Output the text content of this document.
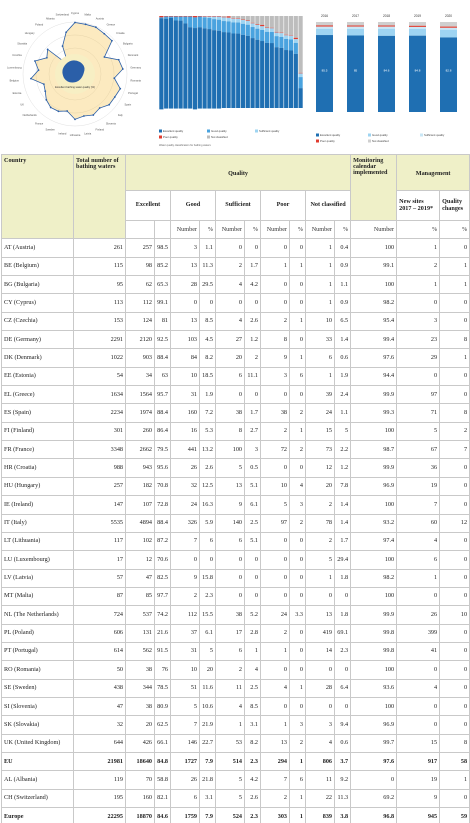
Cyprus Malta
Austria
Greece
Croatia
Bulgaria
Denmark
Germany
Romania
Portugal
Spain
Italy
Slovenia
Finland
Latvia
Lithuania
Ireland
Sweden
France
Netherlands
UK
Estonia
Belgium
Luxembourg
Czechia
Slovakia
Hungary
Poland
Albania
Switzerland
Excellent bathing water quality (%)
Excellent quality	Good quality	Sufficient quality
Poor quality	Not classified
Water quality classification for bathing waters
2016
85.5
2017
85
2018
84.6
2019
84.8
2020
82.8
Excellent quality	Good quality	Sufficient quality
Poor quality	Not classified
Country	Total number of bathing waters	Quality										Monitoring calendar implemented	Management		
		Excellent		Good		Sufficient		Poor		Not classified			New sites 2017 – 2019*	Quality changes	
				Number	%	Number	%	Number	%	Number	%	Number	%	%		
AT (Austria)	261	257	98.5	3	1.1	0	0	0	0	1	0.4	100	1	0	
BE (Belgium)	115	98	85.2	13	11.3	2	1.7	1	1	1	0.9	99.1	2	1	
BG (Bulgaria)	95	62	65.3	28	29.5	4	4.2	0	0	1	1.1	100	1	1	
CY (Cyprus)	113	112	99.1	0	0	0	0	0	0	1	0.9	98.2	0	0	
CZ (Czechia)	153	124	81	13	8.5	4	2.6	2	1	10	6.5	95.4	3	0	
DE (Germany)	2291	2120	92.5	103	4.5	27	1.2	8	0	33	1.4	99.4	23	8	
DK (Denmark)	1022	903	88.4	84	8.2	20	2	9	1	6	0.6	97.6	29	1	
EE (Estonia)	54	34	63	10	18.5	6	11.1	3	6	1	1.9	94.4	0	0	
EL (Greece)	1634	1564	95.7	31	1.9	0	0	0	0	39	2.4	99.9	97	0	
ES (Spain)	2234	1974	88.4	160	7.2	38	1.7	38	2	24	1.1	99.3	71	8	
FI (Finland)	301	260	86.4	16	5.3	8	2.7	2	1	15	5	100	5	2	
FR (France)	3348	2662	79.5	441	13.2	100	3	72	2	73	2.2	98.7	67	7	
HR (Croatia)	988	943	95.6	26	2.6	5	0.5	0	0	12	1.2	99.9	36	0	
HU (Hungary)	257	182	70.8	32	12.5	13	5.1	10	4	20	7.8	96.9	19	0	
IE (Ireland)	147	107	72.8	24	16.3	9	6.1	5	3	2	1.4	100	7	0	
IT (Italy)	5535	4894	88.4	326	5.9	140	2.5	97	2	78	1.4	93.2	60	12	
LT (Lithuania)	117	102	87.2	7	6	6	5.1	0	0	2	1.7	97.4	4	0	
LU (Luxembourg)	17	12	70.6	0	0	0	0	0	0	5	29.4	100	6	0	
LV (Latvia)	57	47	82.5	9	15.8	0	0	0	0	1	1.8	98.2	1	0	
MT (Malta)	87	85	97.7	2	2.3	0	0	0	0	0	0	100	0	0	
NL (The Netherlands)	724	537	74.2	112	15.5	38	5.2	24	3.3	13	1.8	99.9	26	10	
PL (Poland)	606	131	21.6	37	6.1	17	2.8	2	0	419	69.1	99.8	399	0	
PT (Portugal)	614	562	91.5	31	5	6	1	1	0	14	2.3	99.8	41	0	
RO (Romania)	50	38	76	10	20	2	4	0	0	0	0	100	0	0	
SE (Sweden)	438	344	78.5	51	11.6	11	2.5	4	1	28	6.4	93.6	4	0	
SI (Slovenia)	47	38	80.9	5	10.6	4	8.5	0	0	0	0	100	0	0	
SK (Slovakia)	32	20	62.5	7	21.9	1	3.1	1	3	3	9.4	96.9	0	0	
UK (United Kingdom)	644	426	66.1	146	22.7	53	8.2	13	2	4	0.6	99.7	15	8	
EU	21981	18640	84.8	1727	7.9	514	2.3	294	1	806	3.7	97.6	917	58	
AL (Albania)	119	70	58.8	26	21.8	5	4.2	7	6	11	9.2	0	19	1	
CH (Switzerland)	195	160	82.1	6	3.1	5	2.6	2	1	22	11.3	69.2	9	0	
Europe	22295	18870	84.6	1759	7.9	524	2.3	303	1	839	3.8	96.8	945	59	
